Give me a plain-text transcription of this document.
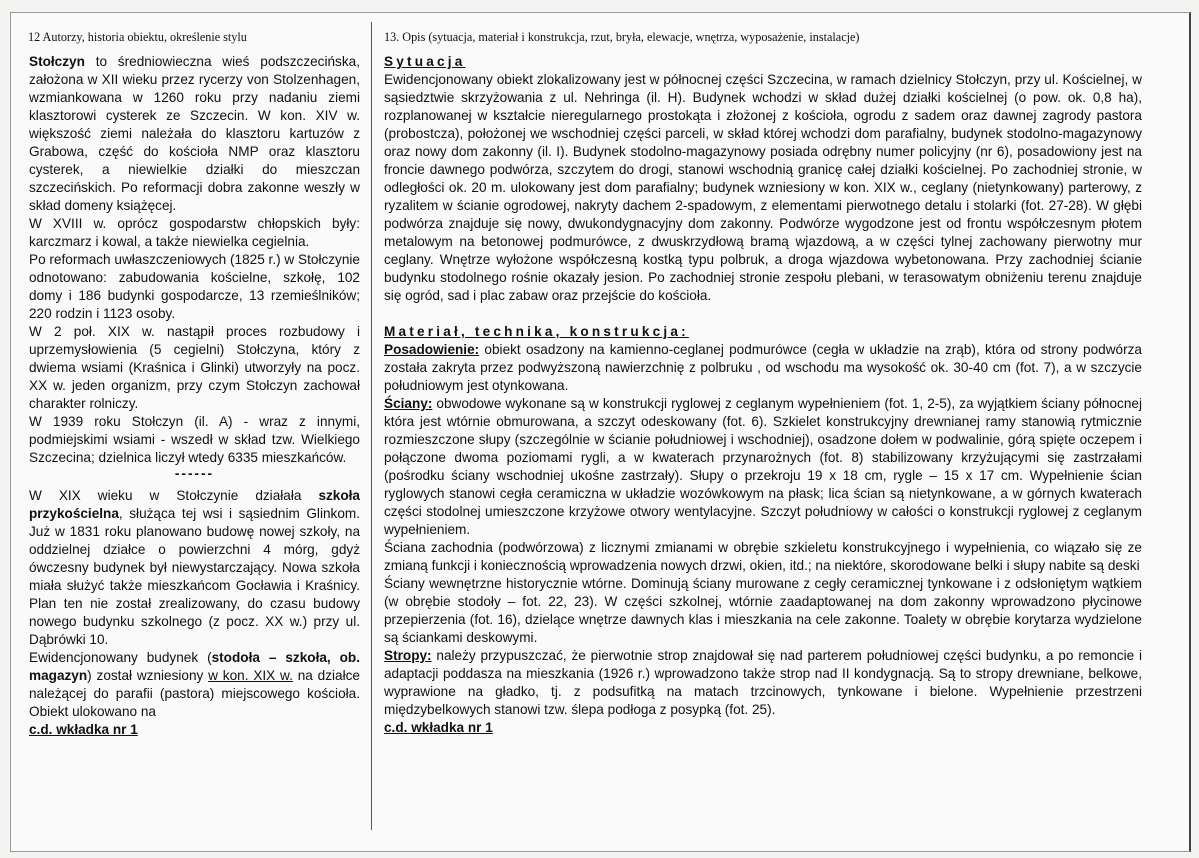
12 Autorzy, historia obiektu, określenie stylu	13. Opis (sytuacja, materiał i konstrukcja, rzut, bryła, elewacje, wnętrza, wyposażenie, instalacje)

Stołczyn to średniowieczna wieś podszczecińska, założona w XII wieku przez rycerzy von Stolzenhagen, wzmiankowana w 1260 roku przy nadaniu ziemi klasztorowi cysterek ze Szczecin. W kon. XIV w. większość ziemi należała do klasztoru kartuzów z Grabowa, część do kościoła NMP oraz klasztoru cysterek, a niewielkie działki do mieszczan szczecińskich. Po reformacji dobra zakonne weszły w skład domeny książęcej.

W XVIII w. oprócz gospodarstw chłopskich były: karczmarz i kowal, a także niewielka cegielnia.

Po reformach uwłaszczeniowych (1825 r.) w Stołczynie odnotowano: zabudowania kościelne, szkołę, 102 domy i 186 budynki gospodarcze, 13 rzemieślników; 220 rodzin i 1123 osoby.

W 2 poł. XIX w. nastąpił proces rozbudowy i uprzemysłowienia (5 cegielni) Stołczyna, który z dwiema wsiami (Kraśnica i Glinki) utworzyły na pocz. XX w. jeden organizm, przy czym Stołczyn zachował charakter rolniczy.

W 1939 roku Stołczyn (il. A) - wraz z innymi, podmiejskimi wsiami - wszedł w skład tzw. Wielkiego Szczecina; dzielnica liczył wtedy 6335 mieszkańców.

------

W XIX wieku w Stołczynie działała szkoła przykościelna, służąca tej wsi i sąsiednim Glinkom. Już w 1831 roku planowano budowę nowej szkoły, na oddzielnej działce o powierzchni 4 mórg, gdyż ówczesny budynek był niewystarczający. Nowa szkoła miała służyć także mieszkańcom Gocławia i Kraśnicy. Plan ten nie został zrealizowany, do czasu budowy nowego budynku szkolnego (z pocz. XX w.) przy ul. Dąbrówki 10.

Ewidencjonowany budynek (stodoła – szkoła, ob. magazyn) został wzniesiony w kon. XIX w. na działce należącej do parafii (pastora) miejscowego kościoła. Obiekt ulokowano na

c.d. wkładka nr 1
Sytuacja

Ewidencjonowany obiekt zlokalizowany jest w północnej części Szczecina, w ramach dzielnicy Stołczyn, przy ul. Kościelnej, w sąsiedztwie skrzyżowania z ul. Nehringa (il. H). Budynek wchodzi w skład dużej działki kościelnej (o pow. ok. 0,8 ha), rozplanowanej w kształcie nieregularnego prostokąta i złożonej z kościoła, ogrodu z sadem oraz dawnej zagrody pastora (probostcza), położonej we wschodniej części parceli, w skład której wchodzi dom parafialny, budynek stodolno-magazynowy oraz nowy dom zakonny (il. I). Budynek stodolno-magazynowy posiada odrębny numer policyjny (nr 6), posadowiony jest na froncie dawnego podwórza, szczytem do drogi, stanowi wschodnią granicę całej działki kościelnej. Po zachodniej stronie, w odległości ok. 20 m. ulokowany jest dom parafialny; budynek wzniesiony w kon. XIX w., ceglany (nietynkowany) parterowy, z ryzalitem w ścianie ogrodowej, nakryty dachem 2-spadowym, z elementami pierwotnego detalu i stolarki (fot. 27-28). W głębi podwórza znajduje się nowy, dwukondygnacyjny dom zakonny. Podwórze wygodzone jest od frontu współczesnym płotem metalowym na betonowej podmurówce, z dwuskrzydłową bramą wjazdową, a w części tylnej zachowany pierwotny mur ceglany. Wnętrze wyłożone współczesną kostką typu polbruk, a droga wjazdowa wybetonowana. Przy zachodniej ścianie budynku stodolnego rośnie okazały jesion. Po zachodniej stronie zespołu plebani, w terasowatym obniżeniu terenu znajduje się ogród, sad i plac zabaw oraz przejście do kościoła.

Materiał, technika, konstrukcja:

Posadowienie: obiekt osadzony na kamienno-ceglanej podmurówce (cegła w układzie na zrąb), która od strony podwórza została zakryta przez podwyższoną nawierzchnię z polbruku , od wschodu ma wysokość ok. 30-40 cm (fot. 7), a w szczycie południowym jest otynkowana.

Ściany: obwodowe wykonane są w konstrukcji ryglowej z ceglanym wypełnieniem (fot. 1, 2-5), za wyjątkiem ściany północnej która jest wtórnie obmurowana, a szczyt odeskowany (fot. 6). Szkielet konstrukcyjny drewnianej ramy stanowią rytmicznie rozmieszczone słupy (szczególnie w ścianie południowej i wschodniej), osadzone dołem w podwalinie, górą spięte oczepem i połączone dwoma poziomami rygli, a w kwaterach przynarożnych (fot. 8) stabilizowany krzyżującymi się zastrzałami (pośrodku ściany wschodniej ukośne zastrzały). Słupy o przekroju 19 x 18 cm, rygle – 15 x 17 cm. Wypełnienie ścian ryglowych stanowi cegła ceramiczna w układzie wozówkowym na płask; lica ścian są nietynkowane, a w górnych kwaterach części stodolnej umieszczone krzyżowe otwory wentylacyjne. Szczyt południowy w całości o konstrukcji ryglowej z ceglanym wypełnieniem.

Ściana zachodnia (podwórzowa) z licznymi zmianami w obrębie szkieletu konstrukcyjnego i wypełnienia, co wiązało się ze zmianą funkcji i koniecznością wprowadzenia nowych drzwi, okien, itd.; na niektóre, skorodowane belki i słupy nabite są deski

Ściany wewnętrzne historycznie wtórne. Dominują ściany murowane z cegły ceramicznej tynkowane i z odsłoniętym wątkiem (w obrębie stodoły – fot. 22, 23). W części szkolnej, wtórnie zaadaptowanej na dom zakonny wprowadzono płycinowe przepierzenia (fot. 16), dzielące wnętrze dawnych klas i mieszkania na cele zakonne. Toalety w obrębie korytarza wydzielone są ściankami deskowymi.

Stropy: należy przypuszczać, że pierwotnie strop znajdował się nad parterem południowej części budynku, a po remoncie i adaptacji poddasza na mieszkania (1926 r.) wprowadzono także strop nad II kondygnacją. Są to stropy drewniane, belkowe, wyprawione na gładko, tj. z podsufitką na matach trzcinowych, tynkowane i bielone. Wypełnienie przestrzeni międzybelkowych stanowi tzw. ślepa podłoga z posypką (fot. 25).

c.d. wkładka nr 1
